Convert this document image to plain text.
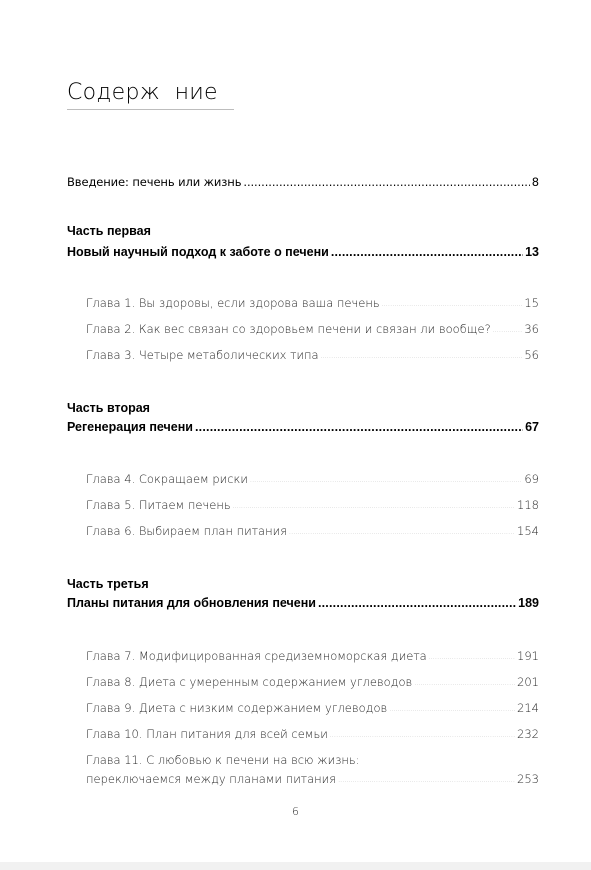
Содерж  ние
Введение: печень или жизнь .....	8
Часть первая
Новый научный подход к заботе о печени .....	13
Глава 1. Вы здоровы, если здорова ваша печень .....	15
Глава 2. Как вес связан со здоровьем печени и связан ли вообще? .....	36
Глава 3. Четыре метаболических типа .....	56
Часть вторая
Регенерация печени .....	67
Глава 4. Сокращаем риски .....	69
Глава 5. Питаем печень .....	118
Глава 6. Выбираем план питания .....	154
Часть третья
Планы питания для обновления печени .....	189
Глава 7. Модифицированная средиземноморская диета .....	191
Глава 8. Диета с умеренным содержанием углеводов .....	201
Глава 9. Диета с низким содержанием углеводов .....	214
Глава 10. План питания для всей семьи .....	232
Глава 11. С любовью к печени на всю жизнь:
переключаемся между планами питания .....	253
6
